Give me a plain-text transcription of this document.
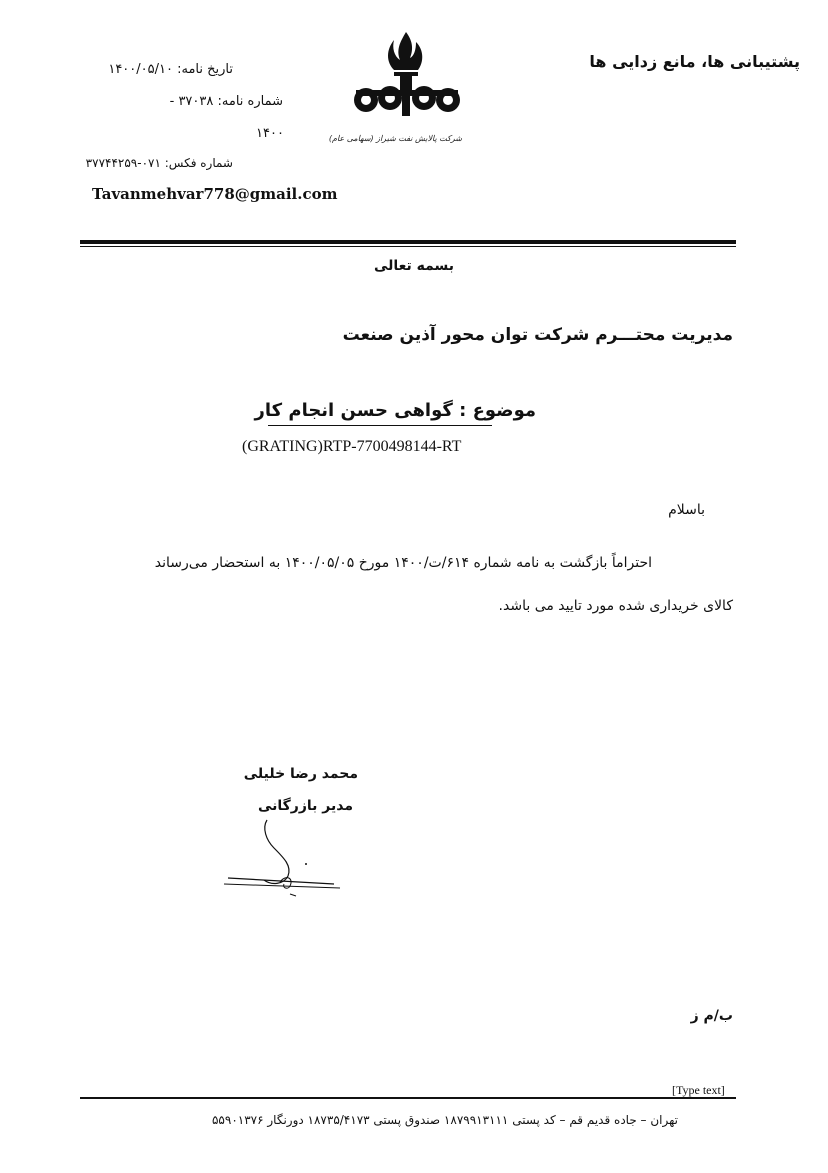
پشتیبانی ها، مانع زدایی ها
شرکت پالایش نفت شیراز (سهامی عام)
تاریخ نامه: ۱۴۰۰/۰۵/۱۰
شماره نامه: ۳۷۰۳۸ -
۱۴۰۰
شماره فکس: ۰۷۱-۳۷۷۴۴۲۵۹
Tavanmehvar778@gmail.com
بسمه تعالی
مدیریت محتـــرم شرکت توان محور آذین صنعت
موضوع : گواهی حسن انجام کار
(GRATING)RTP-7700498144-RT
باسلام
احتراماً بازگشت به نامه شماره ۶۱۴/ت/۱۴۰۰ مورخ ۱۴۰۰/۰۵/۰۵ به استحضار می‌رساند
کالای خریداری شده مورد تایید می باشد.
محمد رضا خلیلی
مدیر بازرگانی
ب/م ز
[Type text]
تهران – جاده قدیم قم – کد پستی ۱۸۷۹۹۱۳۱۱۱ صندوق پستی ۱۸۷۳۵/۴۱۷۳ دورنگار ۵۵۹۰۱۳۷۶
